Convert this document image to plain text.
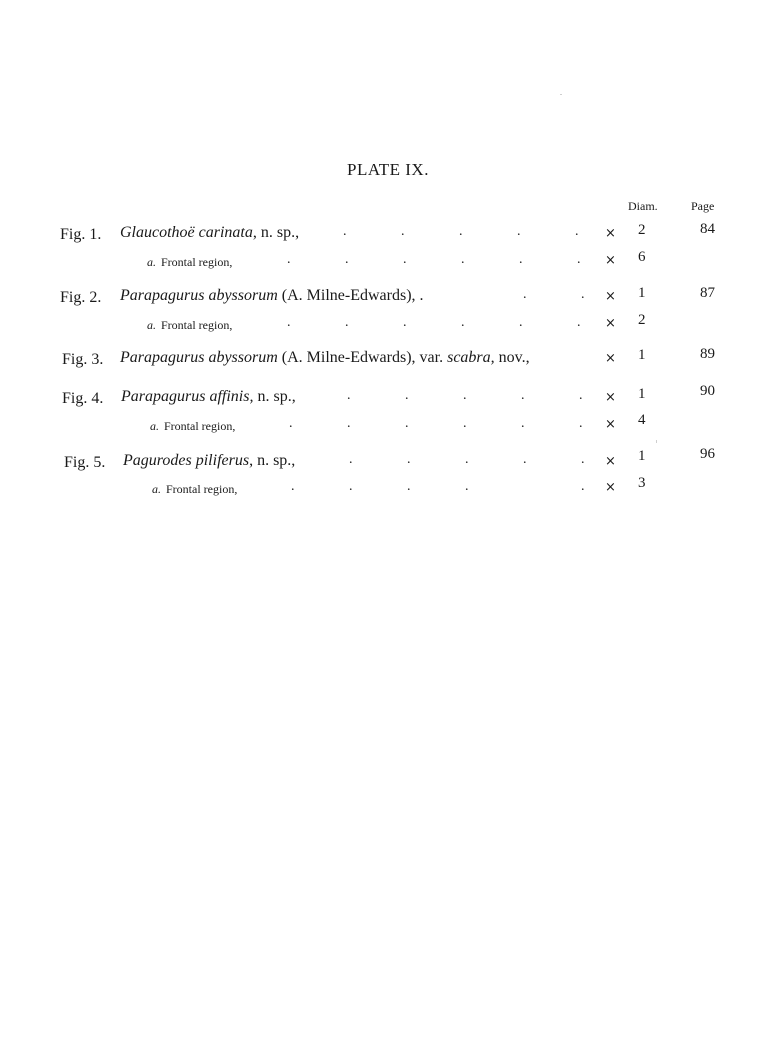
PLATE IX.
Diam.	Page
Fig. 1. Glaucothoë carinata, n. sp.,	.	.	.	.	.	× 2	84
a. Frontal region,	.	.	.	.	.	.	× 6
Fig. 2. Parapagurus abyssorum (A. Milne-Edwards), .	.	.	× 1	87
a. Frontal region,	.	.	.	.	.	.	× 2
Fig. 3. Parapagurus abyssorum (A. Milne-Edwards), var. scabra, nov.,	× 1	89
Fig. 4. Parapagurus affinis, n. sp.,	.	.	.	.	.	× 1	90
a. Frontal region,	.	.	.	.	.	.	× 4
Fig. 5. Pagurodes piliferus, n. sp.,	.	.	.	.	.	× 1	96
a. Frontal region,	.	.	.	.	.	× 3
